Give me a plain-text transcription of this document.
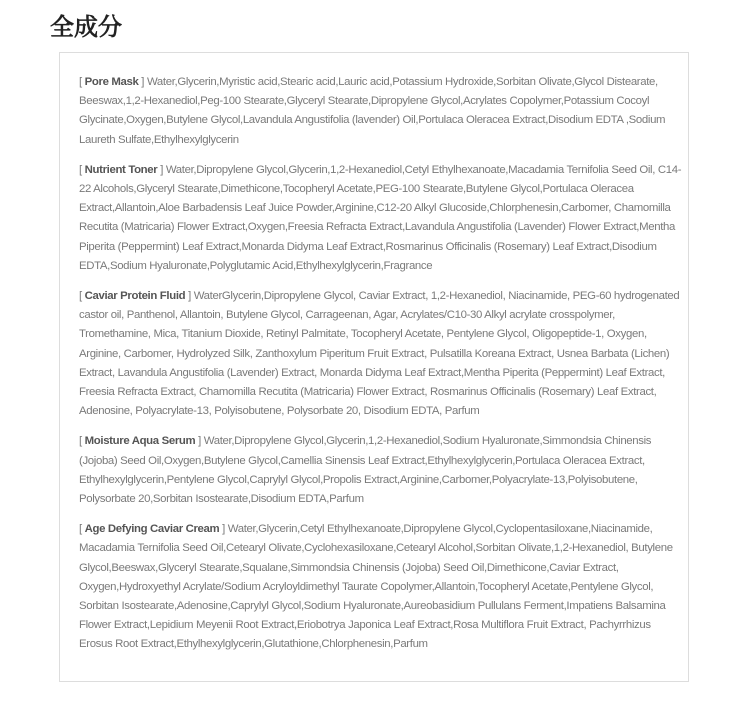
全成分

[ Pore Mask ] Water,Glycerin,Myristic acid,Stearic acid,Lauric acid,Potassium Hydroxide,Sorbitan Olivate,Glycol Distearate, Beeswax,1,2-Hexanediol,Peg-100 Stearate,Glyceryl Stearate,Dipropylene Glycol,Acrylates Copolymer,Potassium Cocoyl Glycinate,Oxygen,Butylene Glycol,Lavandula Angustifolia (lavender) Oil,Portulaca Oleracea Extract,Disodium EDTA ,Sodium Laureth Sulfate,Ethylhexylglycerin

[ Nutrient Toner ] Water,Dipropylene Glycol,Glycerin,1,2-Hexanediol,Cetyl Ethylhexanoate,Macadamia Ternifolia Seed Oil, C14-22 Alcohols,Glyceryl Stearate,Dimethicone,Tocopheryl Acetate,PEG-100 Stearate,Butylene Glycol,Portulaca Oleracea Extract,Allantoin,Aloe Barbadensis Leaf Juice Powder,Arginine,C12-20 Alkyl Glucoside,Chlorphenesin,Carbomer, Chamomilla Recutita (Matricaria) Flower Extract,Oxygen,Freesia Refracta Extract,Lavandula Angustifolia (Lavender) Flower Extract,Mentha Piperita (Peppermint) Leaf Extract,Monarda Didyma Leaf Extract,Rosmarinus Officinalis (Rosemary) Leaf Extract,Disodium EDTA,Sodium Hyaluronate,Polyglutamic Acid,Ethylhexylglycerin,Fragrance

[ Caviar Protein Fluid ] WaterGlycerin,Dipropylene Glycol, Caviar Extract, 1,2-Hexanediol, Niacinamide, PEG-60 hydrogenated castor oil, Panthenol, Allantoin, Butylene Glycol, Carrageenan, Agar, Acrylates/C10-30 Alkyl acrylate crosspolymer, Tromethamine, Mica, Titanium Dioxide, Retinyl Palmitate, Tocopheryl Acetate, Pentylene Glycol, Oligopeptide-1, Oxygen, Arginine, Carbomer, Hydrolyzed Silk, Zanthoxylum Piperitum Fruit Extract, Pulsatilla Koreana Extract, Usnea Barbata (Lichen) Extract, Lavandula Angustifolia (Lavender) Extract, Monarda Didyma Leaf Extract,Mentha Piperita (Peppermint) Leaf Extract, Freesia Refracta Extract, Chamomilla Recutita (Matricaria) Flower Extract, Rosmarinus Officinalis (Rosemary) Leaf Extract, Adenosine, Polyacrylate-13, Polyisobutene, Polysorbate 20, Disodium EDTA, Parfum

[ Moisture Aqua Serum ] Water,Dipropylene Glycol,Glycerin,1,2-Hexanediol,Sodium Hyaluronate,Simmondsia Chinensis (Jojoba) Seed Oil,Oxygen,Butylene Glycol,Camellia Sinensis Leaf Extract,Ethylhexylglycerin,Portulaca Oleracea Extract, Ethylhexylglycerin,Pentylene Glycol,Caprylyl Glycol,Propolis Extract,Arginine,Carbomer,Polyacrylate-13,Polyisobutene, Polysorbate 20,Sorbitan Isostearate,Disodium EDTA,Parfum

[ Age Defying Caviar Cream ] Water,Glycerin,Cetyl Ethylhexanoate,Dipropylene Glycol,Cyclopentasiloxane,Niacinamide, Macadamia Ternifolia Seed Oil,Cetearyl Olivate,Cyclohexasiloxane,Cetearyl Alcohol,Sorbitan Olivate,1,2-Hexanediol, Butylene Glycol,Beeswax,Glyceryl Stearate,Squalane,Simmondsia Chinensis (Jojoba) Seed Oil,Dimethicone,Caviar Extract, Oxygen,Hydroxyethyl Acrylate/Sodium Acryloyldimethyl Taurate Copolymer,Allantoin,Tocopheryl Acetate,Pentylene Glycol, Sorbitan Isostearate,Adenosine,Caprylyl Glycol,Sodium Hyaluronate,Aureobasidium Pullulans Ferment,Impatiens Balsamina Flower Extract,Lepidium Meyenii Root Extract,Eriobotrya Japonica Leaf Extract,Rosa Multiflora Fruit Extract, Pachyrrhizus Erosus Root Extract,Ethylhexylglycerin,Glutathione,Chlorphenesin,Parfum
